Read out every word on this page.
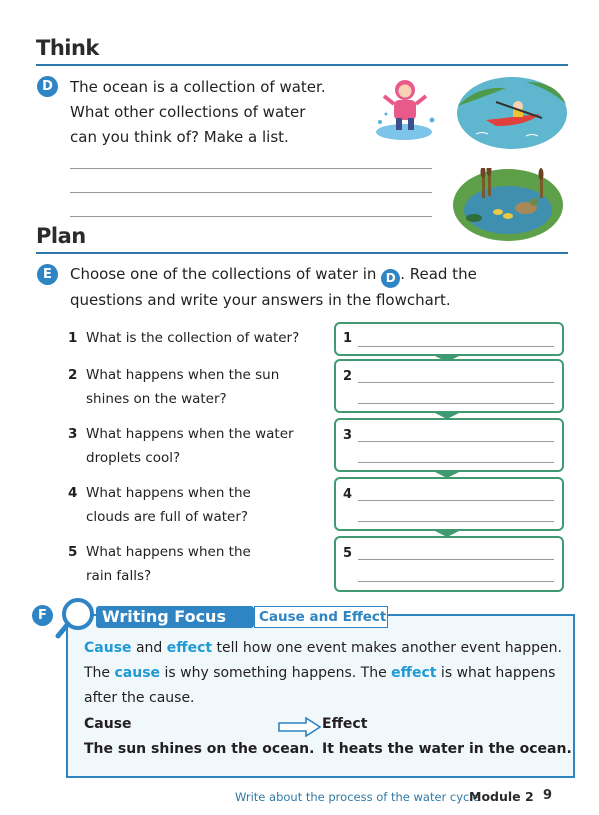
Think
D	The ocean is a collection of water.
What other collections of water
can you think of? Make a list.
Plan
E	Choose one of the collections of water in D . Read the
questions and write your answers in the flowchart.
1 What is the collection of water?
2 What happens when the sun
shines on the water?
3 What happens when the water
droplets cool?
4 What happens when the
clouds are full of water?
5 What happens when the
rain falls?
1
2
3
4
5
F	Writing Focus	Cause and Effect
Cause and effect tell how one event makes another event happen.
The cause is why something happens. The effect is what happens
after the cause.
Cause	Effect
The sun shines on the ocean. It heats the water in the ocean.
Write about the process of the water cycle
Module 2 9
